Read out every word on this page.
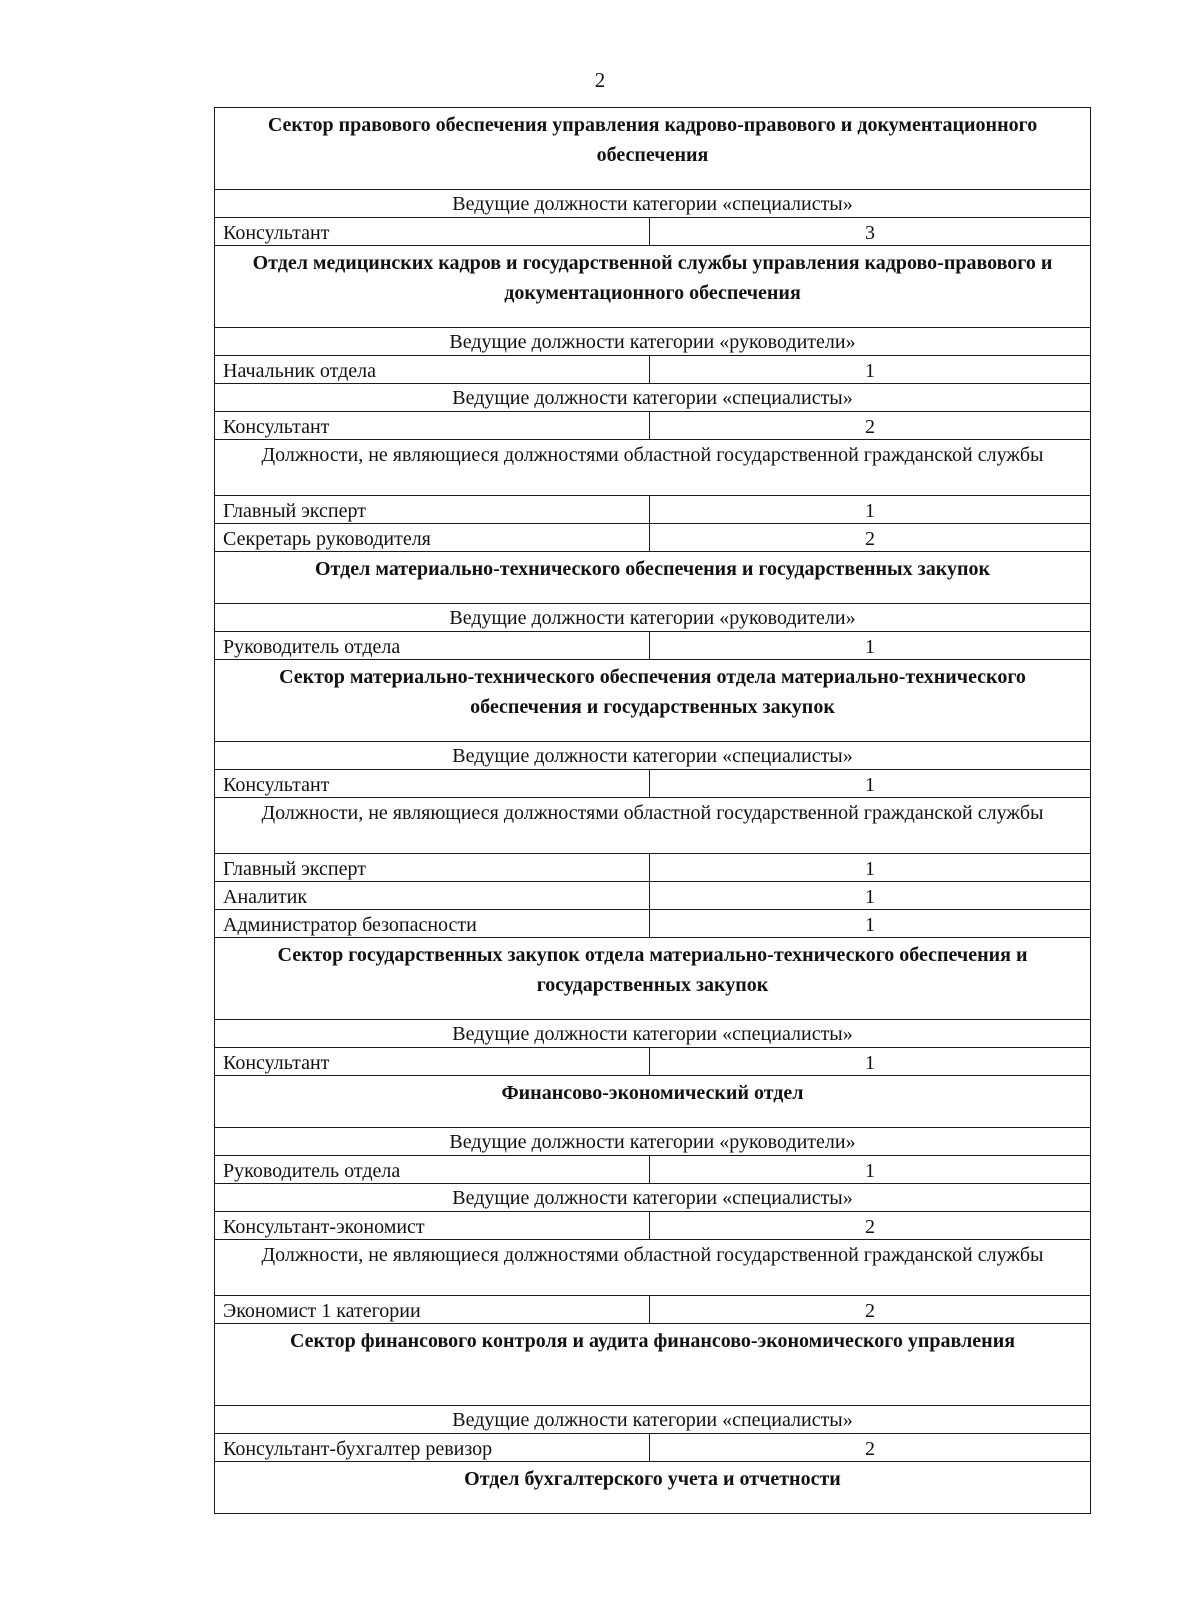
2
Сектор правового обеспечения управления кадрово-правового и документационного обеспечения
Ведущие должности категории «специалисты»
Консультант	3
Отдел медицинских кадров и государственной службы управления кадрово-правового и документационного обеспечения
Ведущие должности категории «руководители»
Начальник отдела	1
Ведущие должности категории «специалисты»
Консультант	2
Должности, не являющиеся должностями областной государственной гражданской службы
Главный эксперт	1
Секретарь руководителя	2
Отдел материально-технического обеспечения и государственных закупок
Ведущие должности категории «руководители»
Руководитель отдела	1
Сектор материально-технического обеспечения отдела материально-технического обеспечения и государственных закупок
Ведущие должности категории «специалисты»
Консультант	1
Должности, не являющиеся должностями областной государственной гражданской службы
Главный эксперт	1
Аналитик	1
Администратор безопасности	1
Сектор государственных закупок отдела материально-технического обеспечения и государственных закупок
Ведущие должности категории «специалисты»
Консультант	1
Финансово-экономический отдел
Ведущие должности категории «руководители»
Руководитель отдела	1
Ведущие должности категории «специалисты»
Консультант-экономист	2
Должности, не являющиеся должностями областной государственной гражданской службы
Экономист 1 категории	2
Сектор финансового контроля и аудита финансово-экономического управления
Ведущие должности категории «специалисты»
Консультант-бухгалтер ревизор	2
Отдел бухгалтерского учета и отчетности
